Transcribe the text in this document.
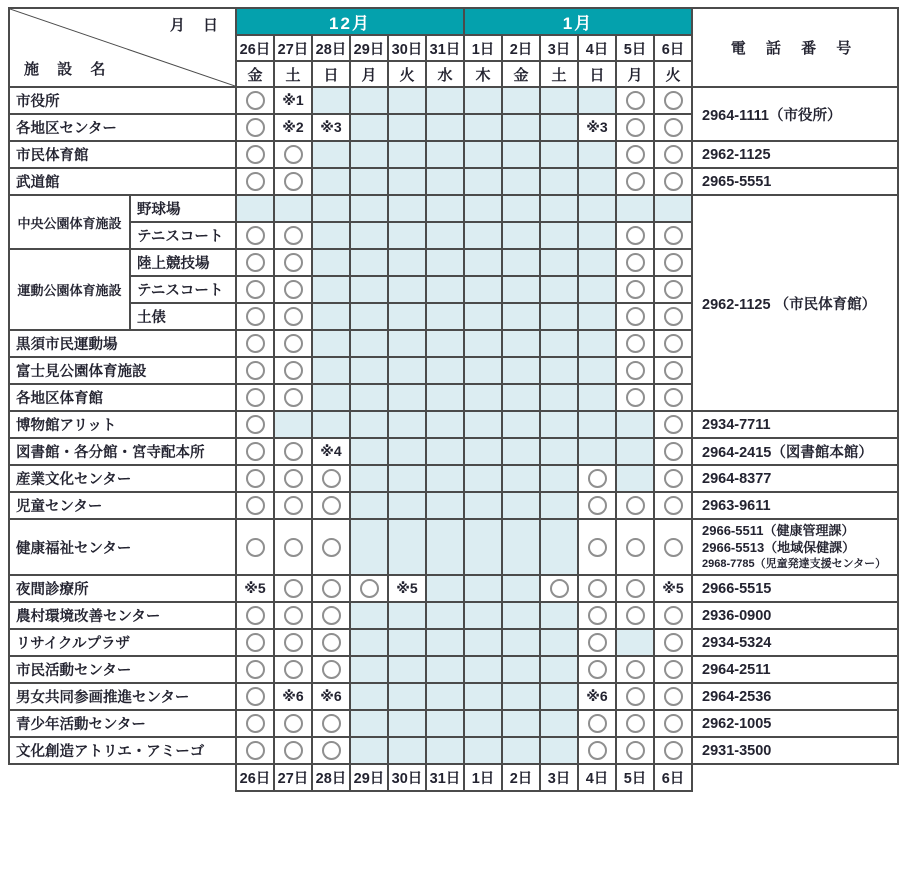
月 日
施 設 名		12月						1月						電 話 番 号
		26日	27日	28日	29日	30日	31日	1日	2日	3日	4日	5日	6日	
		金	土	日	月	火	水	木	金	土	日	月	火	
市役所			※1											2964-1111（市役所）
各地区センター			※2	※3							※3			
市民体育館														2962-1125
武道館														2965-5551
中央公園体育施設	野球場													2962-1125 （市民体育館）
	テニスコート													
運動公園体育施設	陸上競技場													
	テニスコート													
	土俵													
黒須市民運動場														
富士見公園体育施設														
各地区体育館														
博物館アリット														2934-7711
図書館・各分館・宮寺配本所				※4										2964-2415（図書館本館）
産業文化センター														2964-8377
児童センター														2963-9611
健康福祉センター														2966-5511（健康管理課）
2966-5513（地域保健課）
2968-7785（児童発達支援センター）

夜間診療所		※5				※5							※5	2966-5515
農村環境改善センター														2936-0900
リサイクルプラザ														2934-5324
市民活動センター														2964-2511
男女共同参画推進センター			※6	※6							※6			2964-2536
青少年活動センター														2962-1005
文化創造アトリエ・アミーゴ														2931-3500
		26日	27日	28日	29日	30日	31日	1日	2日	3日	4日	5日	6日	
